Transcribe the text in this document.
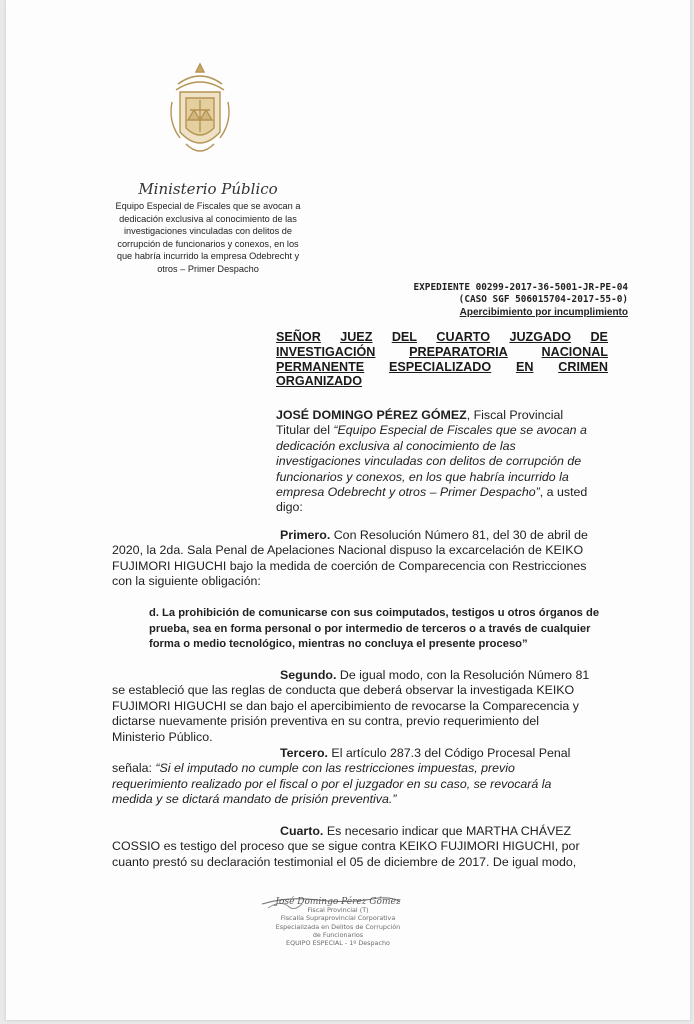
Ministerio Público
Equipo Especial de Fiscales que se avocan a
dedicación exclusiva al conocimiento de las
investigaciones vinculadas con delitos de
corrupción de funcionarios y conexos, en los
que habría incurrido la empresa Odebrecht y
otros – Primer Despacho
EXPEDIENTE 00299-2017-36-5001-JR-PE-04
(CASO SGF 506015704-2017-55-0)
Apercibimiento por incumplimiento
SEÑOR JUEZ DEL CUARTO JUZGADO DE
INVESTIGACIÓN	PREPARATORIA	NACIONAL
PERMANENTE ESPECIALIZADO EN CRIMEN
ORGANIZADO
JOSÉ DOMINGO PÉREZ GÓMEZ, Fiscal Provincial
Titular del “Equipo Especial de Fiscales que se avocan a
dedicación exclusiva al conocimiento de las
investigaciones vinculadas con delitos de corrupción de
funcionarios y conexos, en los que habría incurrido la
empresa Odebrecht y otros – Primer Despacho”, a usted
digo:
Primero. Con Resolución Número 81, del 30 de abril de
2020, la 2da. Sala Penal de Apelaciones Nacional dispuso la excarcelación de KEIKO
FUJIMORI HIGUCHI bajo la medida de coerción de Comparecencia con Restricciones
con la siguiente obligación:
d. La prohibición de comunicarse con sus coimputados, testigos u otros órganos de
prueba, sea en forma personal o por intermedio de terceros o a través de cualquier
forma o medio tecnológico, mientras no concluya el presente proceso”
Segundo. De igual modo, con la Resolución Número 81
se estableció que las reglas de conducta que deberá observar la investigada KEIKO
FUJIMORI HIGUCHI se dan bajo el apercibimiento de revocarse la Comparecencia y
dictarse nuevamente prisión preventiva en su contra, previo requerimiento del
Ministerio Público.
Tercero. El artículo 287.3 del Código Procesal Penal
señala: “Si el imputado no cumple con las restricciones impuestas, previo
requerimiento realizado por el fiscal o por el juzgador en su caso, se revocará la
medida y se dictará mandato de prisión preventiva.”
Cuarto. Es necesario indicar que MARTHA CHÁVEZ
COSSIO es testigo del proceso que se sigue contra KEIKO FUJIMORI HIGUCHI, por
cuanto prestó su declaración testimonial el 05 de diciembre de 2017. De igual modo,
José Domingo Pérez Gómez
Fiscal Provincial (T)
Fiscalía Supraprovincial Corporativa
Especializada en Delitos de Corrupción
de Funcionarios
EQUIPO ESPECIAL - 1º Despacho
